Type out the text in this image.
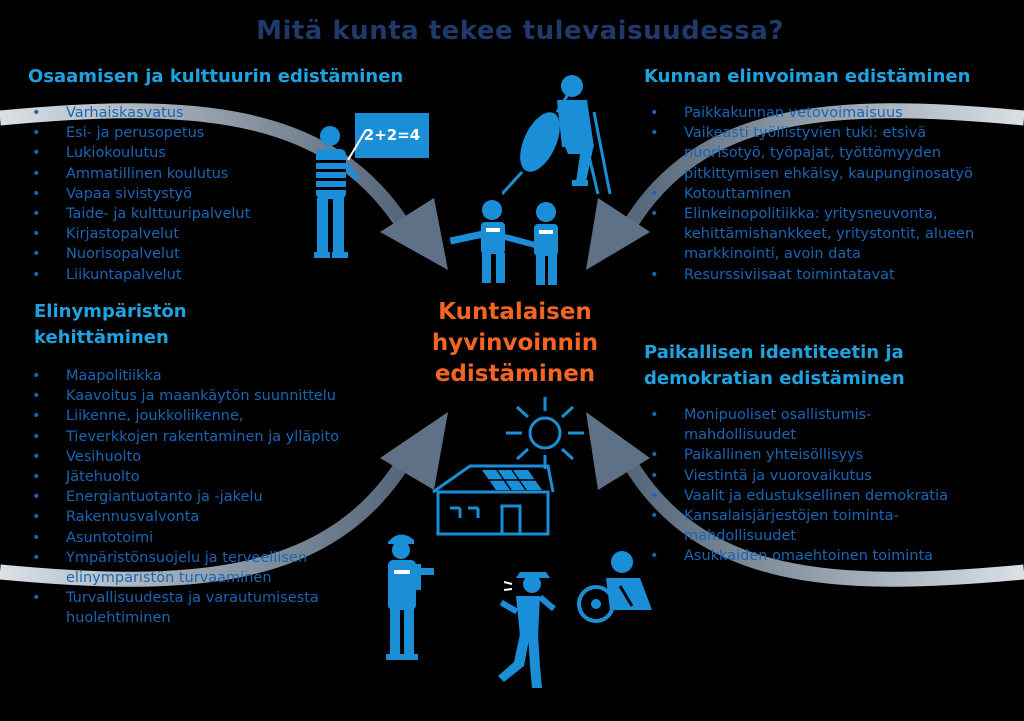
Mitä kunta tekee tulevaisuudessa?
Osaamisen ja kulttuurin edistäminen
• Varhaiskasvatus
• Esi- ja perusopetus
• Lukiokoulutus
• Ammatillinen koulutus
• Vapaa sivistystyö
• Taide- ja kulttuuripalvelut
• Kirjastopalvelut
• Nuorisopalvelut
• Liikuntapalvelut
Kunnan elinvoiman edistäminen
• Paikkakunnan vetovoimaisuus
• Vaikeasti työllistyvien tuki: etsivä
nuorisotyö, työpajat, työttömyyden
pitkittymisen ehkäisy, kaupunginosatyö
• Kotouttaminen
• Elinkeinopolitiikka: yritysneuvonta,
kehittämishankkeet, yritystontit, alueen
markkinointi, avoin data
• Resurssiviisaat toimintatavat
Elinympäristön
kehittäminen
• Maapolitiikka
• Kaavoitus ja maankäytön suunnittelu
• Liikenne, joukkoliikenne,
• Tieverkkojen rakentaminen ja ylläpito
• Vesihuolto
• Jätehuolto
• Energiantuotanto ja -jakelu
• Rakennusvalvonta
• Asuntotoimi
• Ympäristönsuojelu ja terveellisen
elinympäristön turvaaminen
• Turvallisuudesta ja varautumisesta
huolehtiminen
Paikallisen identiteetin ja
demokratian edistäminen
• Monipuoliset osallistumis-
mahdollisuudet
• Paikallinen yhteisöllisyys
• Viestintä ja vuorovaikutus
• Vaalit ja edustuksellinen demokratia
• Kansalaisjärjestöjen toiminta-
mahdollisuudet
• Asukkaiden omaehtoinen toiminta
Kuntalaisen
hyvinvoinnin
edistäminen
2+2=4
